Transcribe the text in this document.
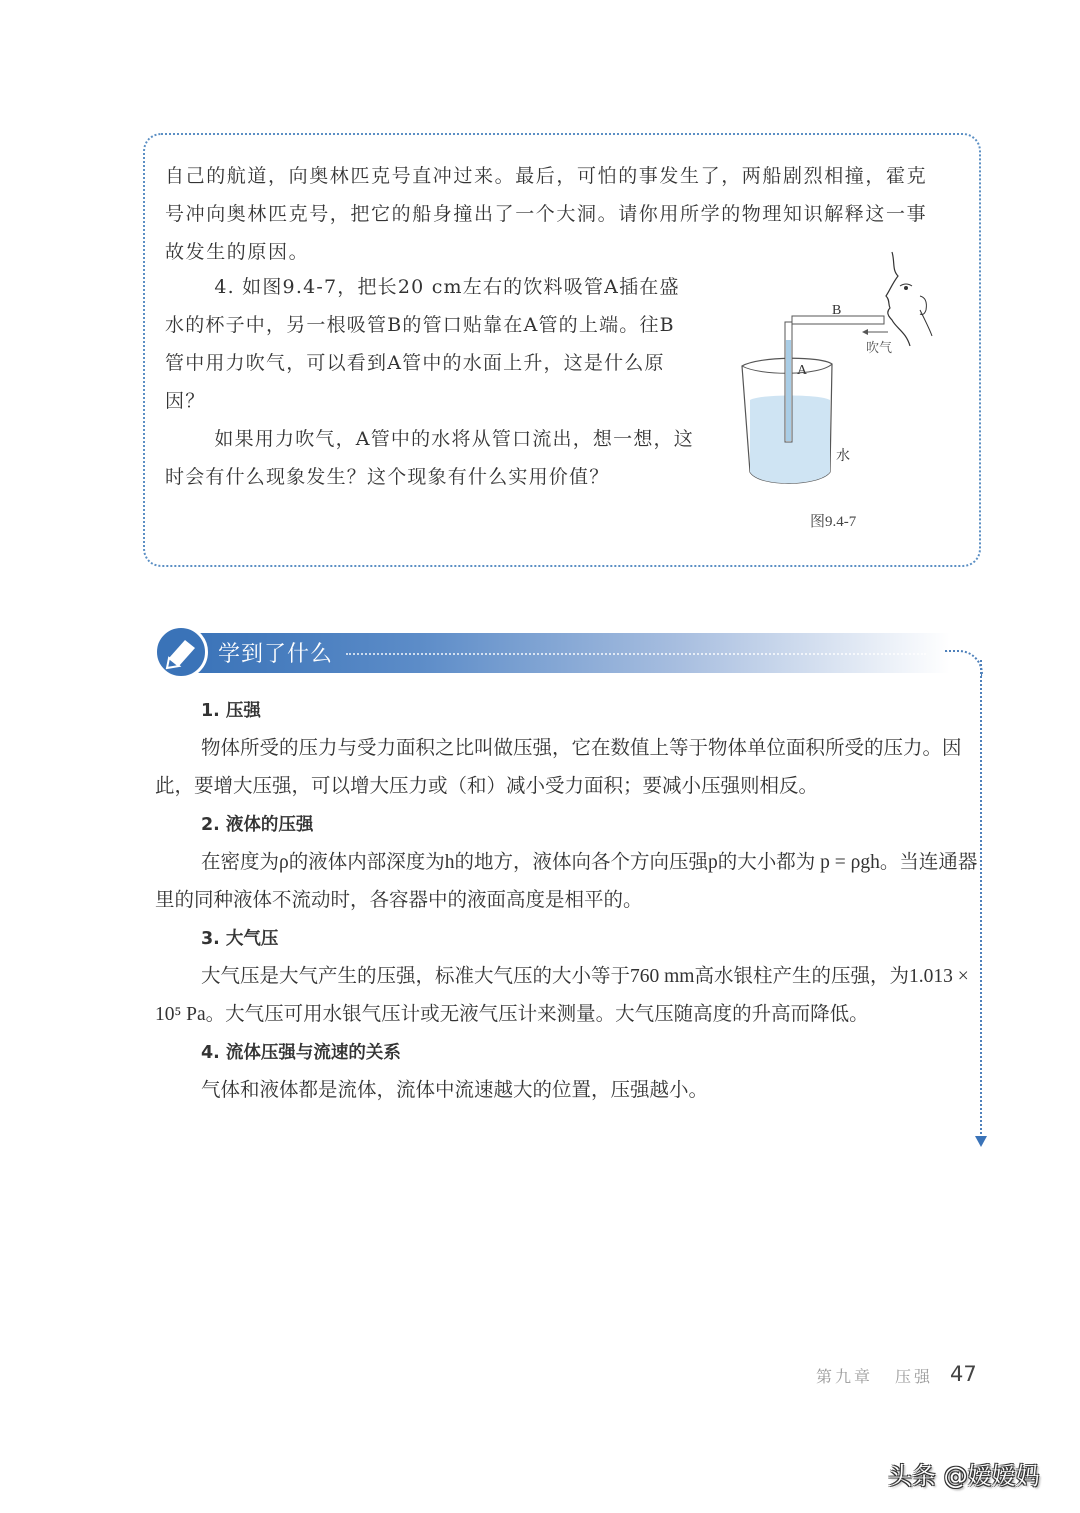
自己的航道，向奥林匹克号直冲过来。最后，可怕的事发生了，两船剧烈相撞，霍克
号冲向奥林匹克号，把它的船身撞出了一个大洞。请你用所学的物理知识解释这一事
故发生的原因。

4. 如图9.4-7，把长20 cm左右的饮料吸管A插在盛水的杯子中，另一根吸管B的管口贴靠在A管的上端。往B管中用力吹气，可以看到A管中的水面上升，这是什么原因？

如果用力吹气，A管中的水将从管口流出，想一想，这时会有什么现象发生？这个现象有什么实用价值？

B
吹气
A
水
图9.4-7
学到了什么

1. 压强

物体所受的压力与受力面积之比叫做压强，它在数值上等于物体单位面积所受的压力。因此，要增大压强，可以增大压力或（和）减小受力面积；要减小压强则相反。

2. 液体的压强

在密度为ρ的液体内部深度为h的地方，液体向各个方向压强p的大小都为 p = ρgh。当连通器里的同种液体不流动时，各容器中的液面高度是相平的。

3. 大气压

大气压是大气产生的压强，标准大气压的大小等于760 mm高水银柱产生的压强，为1.013 × 10⁵ Pa。大气压可用水银气压计或无液气压计来测量。大气压随高度的升高而降低。

4. 流体压强与流速的关系

气体和液体都是流体，流体中流速越大的位置，压强越小。

第九章 压强 47
头条 @嫒嫒妈
